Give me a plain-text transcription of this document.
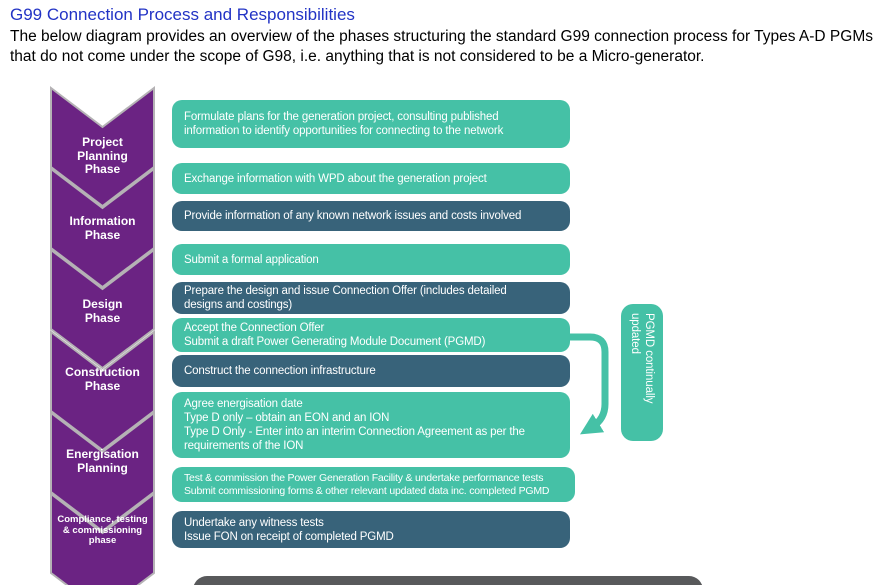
G99 Connection Process and Responsibilities
The below diagram provides an overview of the phases structuring the standard G99 connection process for Types A-D PGMs that do not come under the scope of G98, i.e. anything that is not considered to be a Micro-generator.
Project
Planning
Phase
Information
Phase
Design
Phase
Construction
Phase
Energisation
Planning
Compliance, testing
& commissioning
phase
Formulate plans for the generation project, consulting published
information to identify opportunities for connecting to the network
Exchange information with WPD about the generation project
Provide information of any known network issues and costs involved
Submit a formal application
Prepare the design and issue Connection Offer (includes detailed
designs and costings)
Accept the Connection Offer
Submit a draft Power Generating Module Document (PGMD)
Construct the connection infrastructure
Agree energisation date
Type D only – obtain an EON and an ION
Type D Only - Enter into an interim Connection Agreement as per the
requirements of the ION
Test & commission the Power Generation Facility & undertake performance tests
Submit commissioning forms & other relevant updated data inc. completed PGMD
Undertake any witness tests
Issue FON on receipt of completed PGMD
PGMD continually
updated
